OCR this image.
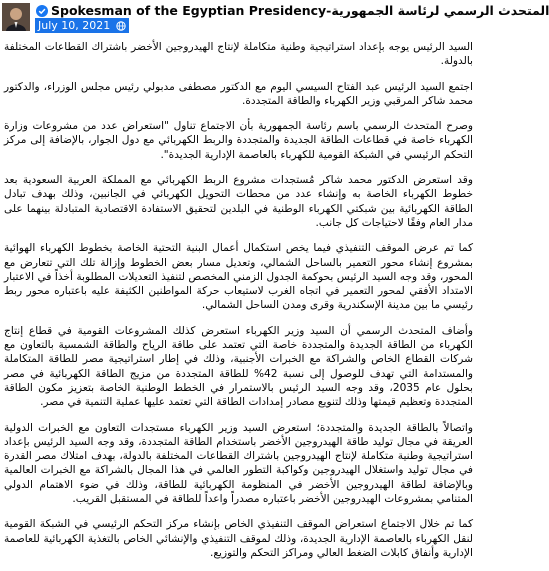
Spokesman of the Egyptian Presidency-المتحدث الرسمي لرئاسة الجمهورية
July 10, 2021

السيد الرئيس يوجه بإعداد استراتيجية وطنية متكاملة لإنتاج الهيدروجين الأخضر باشتراك القطاعات المختلفة بالدولة.

اجتمع السيد الرئيس عبد الفتاح السيسي اليوم مع الدكتور مصطفى مدبولي رئيس مجلس الوزراء، والدكتور محمد شاكر المرقبي وزير الكهرباء والطاقة المتجددة.

وصرح المتحدث الرسمي باسم رئاسة الجمهورية بأن الاجتماع تناول "استعراض عدد من مشروعات وزارة الكهرباء خاصة في قطاعات الطاقة الجديدة والمتجددة والربط الكهربائي مع دول الجوار، بالإضافة إلى مركز التحكم الرئيسي في الشبكة القومية للكهرباء بالعاصمة الإدارية الجديدة".

وقد استعرض الدكتور محمد شاكر مُستجدات مشروع الربط الكهربائي مع المملكة العربية السعودية بعد خطوط الكهرباء الخاصة به وإنشاء عدد من محطات التحويل الكهربائي في الجانبين، وذلك بهدف تبادل الطاقة الكهربائية بين شبكتي الكهرباء الوطنية في البلدين لتحقيق الاستفادة الاقتصادية المتبادلة بينهما على مدار العام وفقًا لاحتياجات كل جانب.

كما تم عرض الموقف التنفيذي فيما يخص استكمال أعمال البنية التحتية الخاصة بخطوط الكهرباء الهوائية بمشروع إنشاء محور التعمير بالساحل الشمالي، وتعديل مسار بعض الخطوط وإزالة تلك التي تتعارض مع المحور، وقد وجه السيد الرئيس بحوكمة الجدول الزمني المخصص لتنفيذ التعديلات المطلوبة أخذاً في الاعتبار الامتداد الأفقي لمحور التعمير في اتجاه الغرب لاستيعاب حركة المواطنين الكثيفة عليه باعتباره محور ربط رئيسي ما بين مدينة الإسكندرية وقرى ومدن الساحل الشمالي.

وأضاف المتحدث الرسمي أن السيد وزير الكهرباء استعرض كذلك المشروعات القومية في قطاع إنتاج الكهرباء من الطاقة الجديدة والمتجددة خاصة التي تعتمد على طاقة الرياح والطاقة الشمسية بالتعاون مع شركات القطاع الخاص والشراكة مع الخبرات الأجنبية، وذلك في إطار استراتيجية مصر للطاقة المتكاملة والمستدامة التي تهدف للوصول إلى نسبة 42% للطاقة المتجددة من مزيج الطاقة الكهربائية في مصر بحلول عام 2035، وقد وجه السيد الرئيس بالاستمرار في الخطط الوطنية الخاصة بتعزيز مكون الطاقة المتجددة وتعظيم قيمتها وذلك لتنويع مصادر إمدادات الطاقة التي تعتمد عليها عملية التنمية في مصر.

واتصالاً بالطاقة الجديدة والمتجددة؛ استعرض السيد وزير الكهرباء مستجدات التعاون مع الخبرات الدولية العريقة في مجال توليد طاقة الهيدروجين الأخضر باستخدام الطاقة المتجددة، وقد وجه السيد الرئيس بإعداد استراتيجية وطنية متكاملة لإنتاج الهيدروجين باشتراك القطاعات المختلفة بالدولة، بهدف امتلاك مصر القدرة في مجال توليد واستغلال الهيدروجين وكواكبة التطور العالمي في هذا المجال بالشراكة مع الخبرات العالمية وبالإضافة لطاقة الهيدروجين الأخضر في المنظومة الكهربائية للطاقة، وذلك في ضوء الاهتمام الدولي المتنامي بمشروعات الهيدروجين الأخضر باعتباره مصدراً واعداً للطاقة في المستقبل القريب.

كما تم خلال الاجتماع استعراض الموقف التنفيذي الخاص بإنشاء مركز التحكم الرئيسي في الشبكة القومية لنقل الكهرباء بالعاصمة الإدارية الجديدة، وذلك لموقف التنفيذي والإنشائي الخاص بالتغذية الكهربائية للعاصمة الإدارية وأنفاق كابلات الضغط العالي ومراكز التحكم والتوزيع.
